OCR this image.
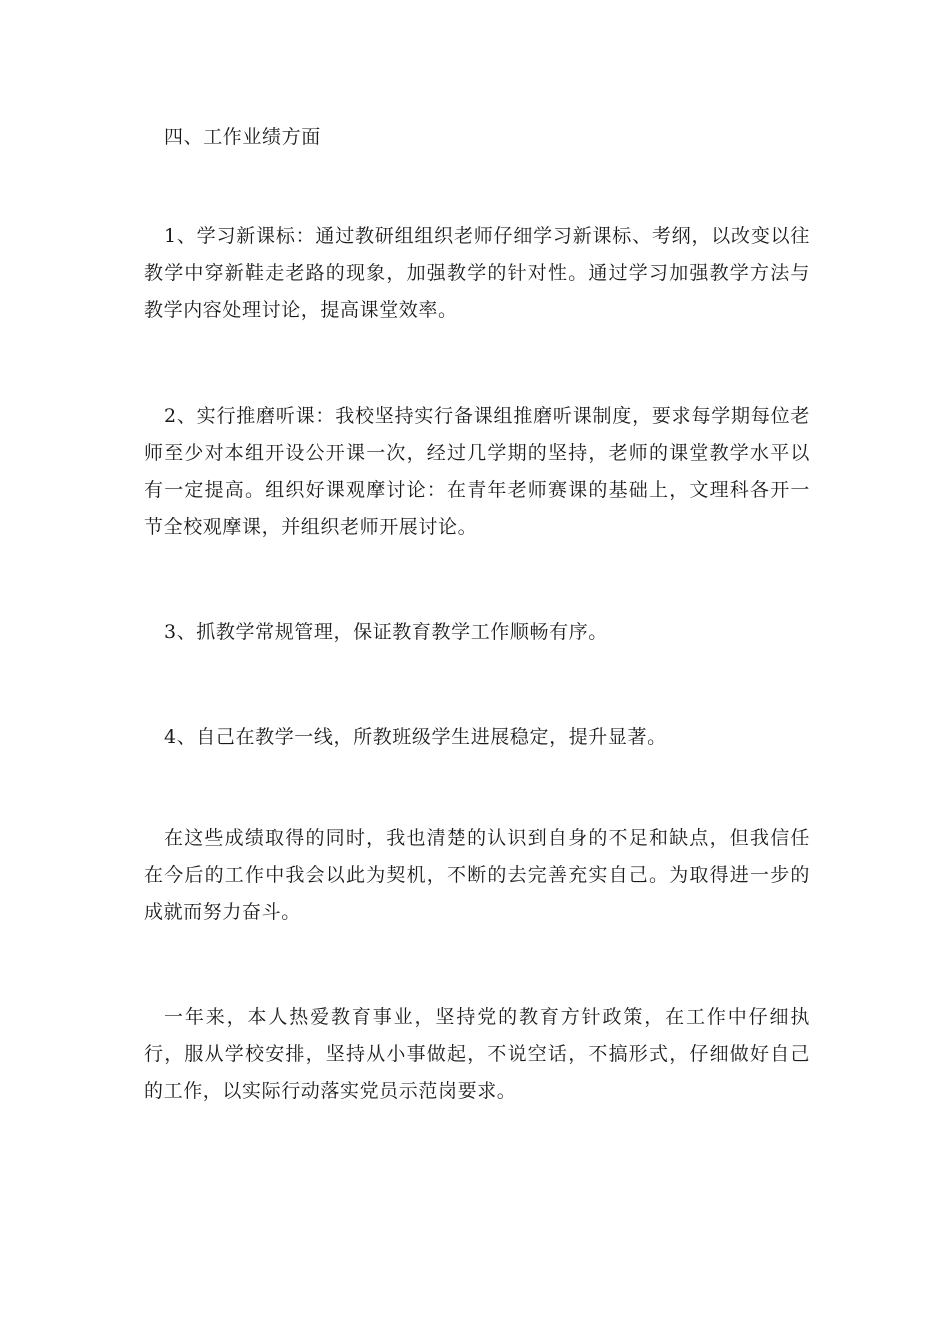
四、工作业绩方面

1、学习新课标：通过教研组组织老师仔细学习新课标、考纲，以改变以往教学中穿新鞋走老路的现象，加强教学的针对性。通过学习加强教学方法与教学内容处理讨论，提高课堂效率。

2、实行推磨听课：我校坚持实行备课组推磨听课制度，要求每学期每位老师至少对本组开设公开课一次，经过几学期的坚持，老师的课堂教学水平以有一定提高。组织好课观摩讨论：在青年老师赛课的基础上，文理科各开一节全校观摩课，并组织老师开展讨论。

3、抓教学常规管理，保证教育教学工作顺畅有序。

4、自己在教学一线，所教班级学生进展稳定，提升显著。

在这些成绩取得的同时，我也清楚的认识到自身的不足和缺点，但我信任在今后的工作中我会以此为契机，不断的去完善充实自己。为取得进一步的成就而努力奋斗。

一年来，本人热爱教育事业，坚持党的教育方针政策，在工作中仔细执行，服从学校安排，坚持从小事做起，不说空话，不搞形式，仔细做好自己的工作，以实际行动落实党员示范岗要求。
